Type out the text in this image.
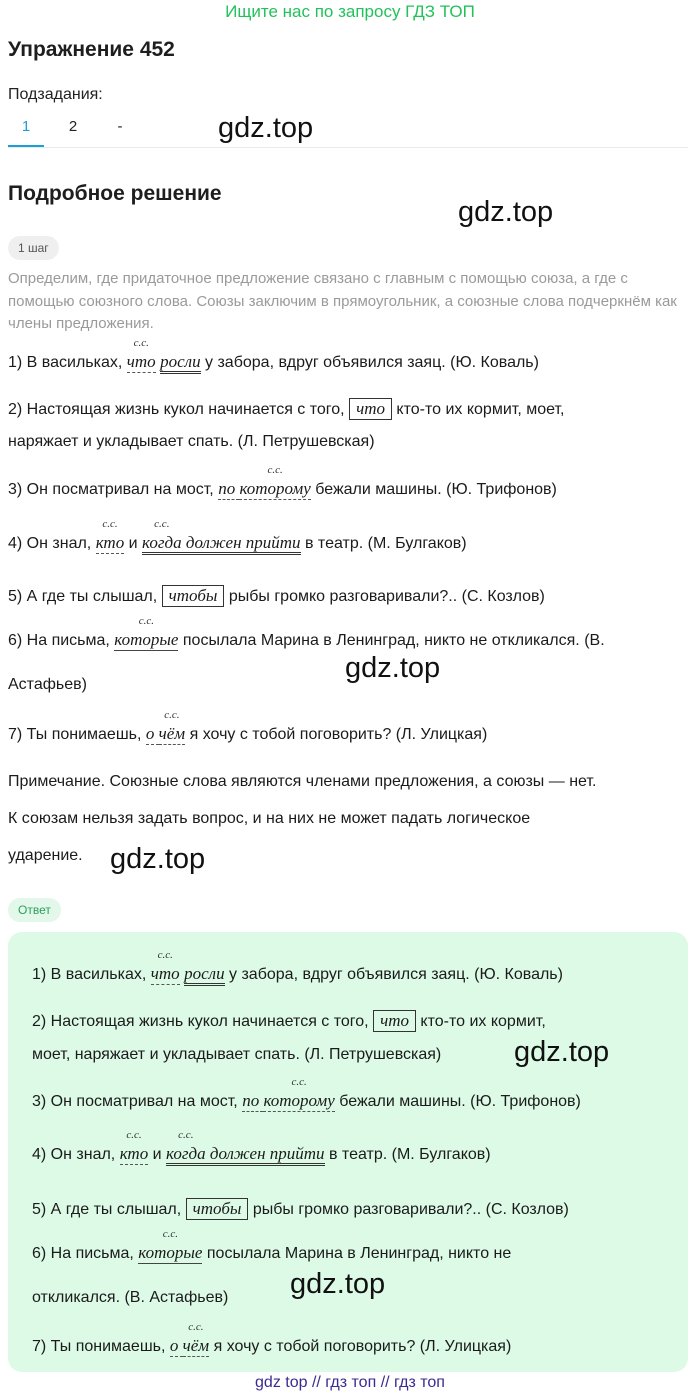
Ищите нас по запросу ГДЗ ТОП
Упражнение 452
Подзадания:
1	2	-	gdz.top
Подробное решение
gdz.top
1 шаг
Определим, где придаточное предложение связано с главным с помощью союза, а где с помощью союзного слова. Союзы заключим в прямоугольник, а союзные слова подчеркнём как члены предложения.
1) В васильках,
с.с.
что росли у забора, вдруг объявился заяц. (Ю. Коваль)
2) Настоящая жизнь кукол начинается с того, что кто-то их кормит, моет,
наряжает и укладывает спать. (Л. Петрушевская)
3) Он посматривал на мост, по
с.с.
которому бежали машины. (Ю. Трифонов)
4) Он знал,
с.с.
кто и
с.с.
когда должен прийти в театр. (М. Булгаков)
5) А где ты слышал, чтобы рыбы громко разговаривали?.. (С. Козлов)
6) На письма,
с.с.
которые посылала Марина в Ленинград, никто не откликался. (В.
Астафьев)
gdz.top
7) Ты понимаешь, о
с.с.
чём я хочу с тобой поговорить? (Л. Улицкая)
Примечание. Союзные слова являются членами предложения, а союзы — нет.
К союзам нельзя задать вопрос, и на них не может падать логическое
ударение. gdz.top
Ответ
1) В васильках,
с.с.
что росли у забора, вдруг объявился заяц. (Ю. Коваль)
2) Настоящая жизнь кукол начинается с того, что кто-то их кормит,
моет, наряжает и укладывает спать. (Л. Петрушевская)	gdz.top
3) Он посматривал на мост, по
с.с.
которому бежали машины. (Ю. Трифонов)
4) Он знал,
с.с.
кто и
с.с.
когда должен прийти в театр. (М. Булгаков)
5) А где ты слышал, чтобы рыбы громко разговаривали?.. (С. Козлов)
6) На письма,
с.с.
которые посылала Марина в Ленинград, никто не
откликался. (В. Астафьев) gdz.top
7) Ты понимаешь, о
с.с.
чём я хочу с тобой поговорить? (Л. Улицкая)
gdz top // гдз топ // гдз топ
